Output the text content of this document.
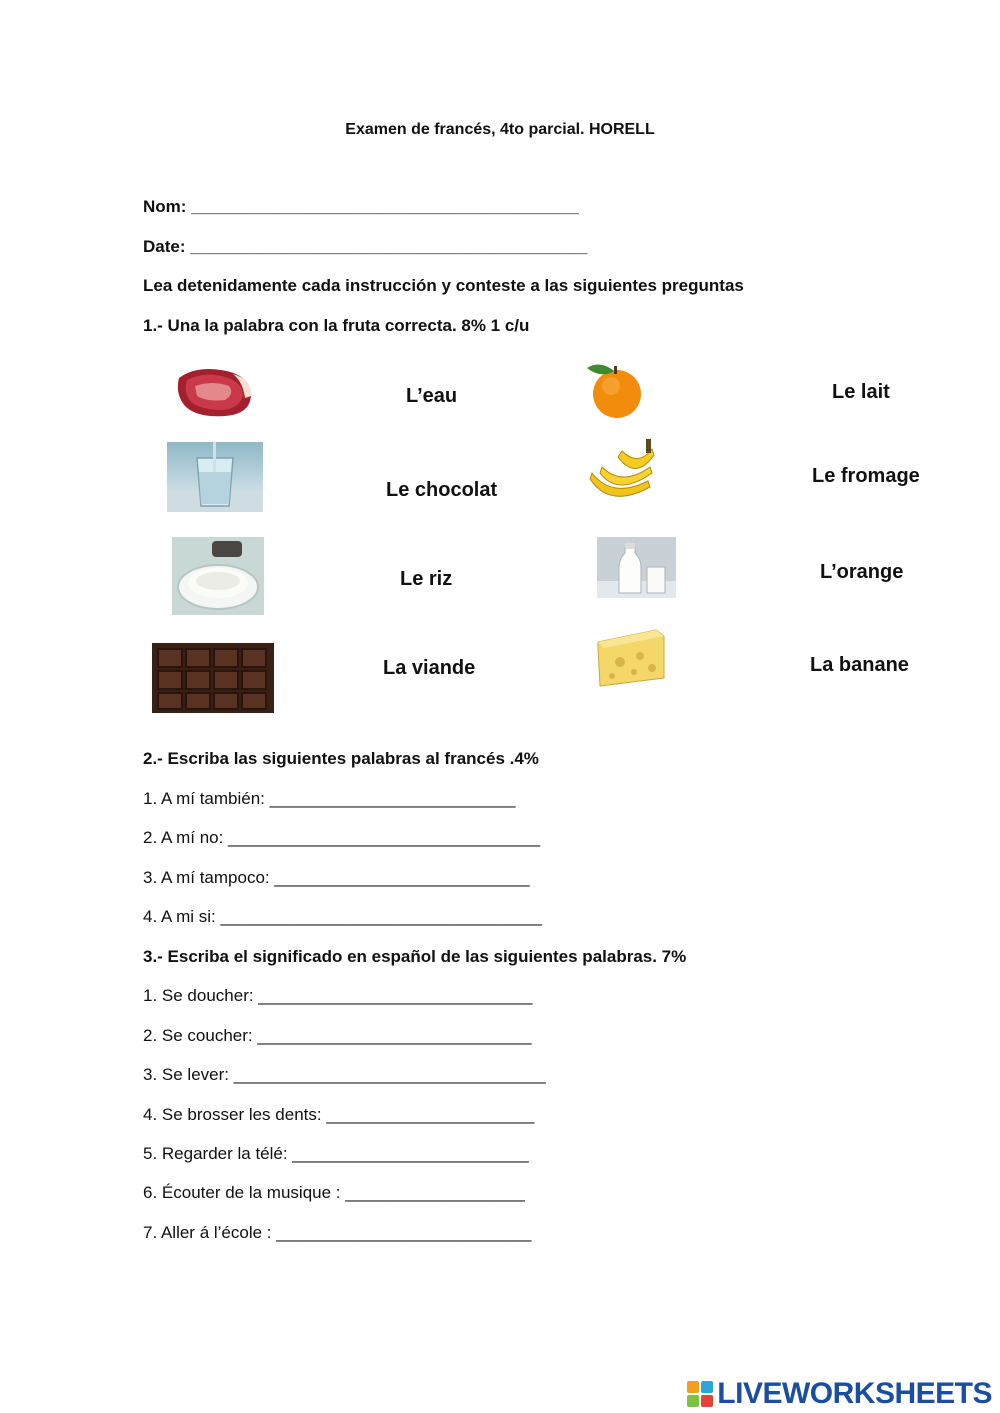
Examen de francés, 4to parcial. HORELL
Nom: _________________________________________
Date: __________________________________________
Lea detenidamente cada instrucción y conteste a las siguientes preguntas
1.- Una la palabra con la fruta correcta. 8% 1 c/u
L’eau
Le chocolat
Le riz
La viande
Le lait
Le fromage
L’orange
La banane
2.- Escriba las siguientes palabras al francés .4%
1. A mí también: __________________________
2. A mí no: _________________________________
3. A mí tampoco: ___________________________
4. A mi si: __________________________________
3.- Escriba el significado en español de las siguientes palabras. 7%
1. Se doucher: _____________________________
2. Se coucher: _____________________________
3. Se lever: _________________________________
4. Se brosser les dents: ______________________
5. Regarder la télé: _________________________
6. Écouter de la musique : ___________________
7. Aller á l’école : ___________________________
LIVEWORKSHEETS
